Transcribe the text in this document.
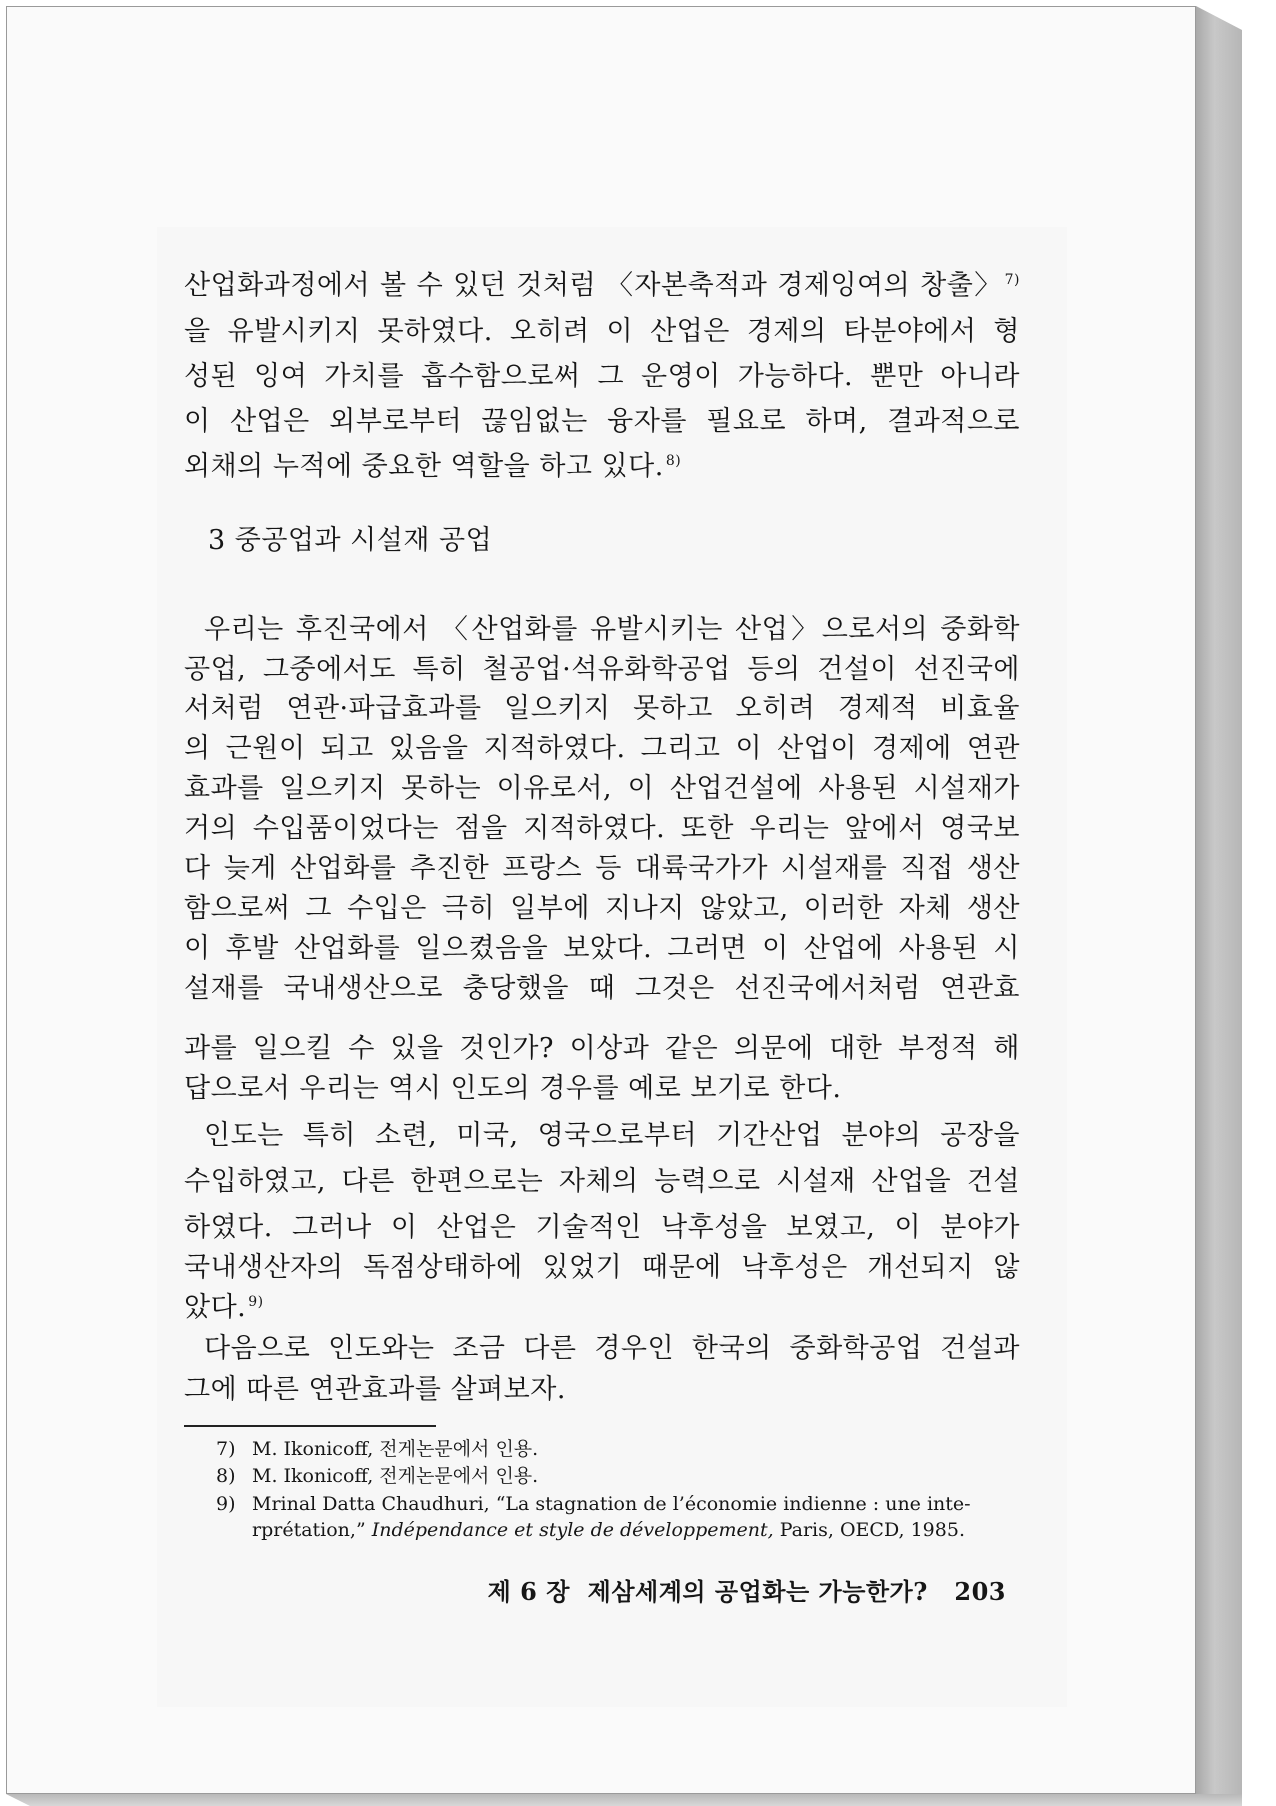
산업화과정에서 볼 수 있던 것처럼 〈자본축적과 경제잉여의 창출〉 $^{7)}$
을 유발시키지 못하였다. 오히려 이 산업은 경제의 타분야에서 형
성된 잉여 가치를 흡수함으로써 그 운영이 가능하다. 뿐만 아니라
이 산업은 외부로부터 끊임없는 융자를 필요로 하며, 결과적으로
외채의 누적에 중요한 역할을 하고 있다. $^{8)}$
3 중공업과 시설재 공업
우리는 후진국에서 〈산업화를 유발시키는 산업〉으로서의 중화학
공업, 그중에서도 특히 철공업·석유화학공업 등의 건설이 선진국에
서처럼 연관·파급효과를 일으키지 못하고 오히려 경제적 비효율
의 근원이 되고 있음을 지적하였다. 그리고 이 산업이 경제에 연관
효과를 일으키지 못하는 이유로서, 이 산업건설에 사용된 시설재가
거의 수입품이었다는 점을 지적하였다. 또한 우리는 앞에서 영국보
다 늦게 산업화를 추진한 프랑스 등 대륙국가가 시설재를 직접 생산
함으로써 그 수입은 극히 일부에 지나지 않았고, 이러한 자체 생산
이 후발 산업화를 일으켰음을 보았다. 그러면 이 산업에 사용된 시
설재를 국내생산으로 충당했을 때 그것은 선진국에서처럼 연관효
과를 일으킬 수 있을 것인가? 이상과 같은 의문에 대한 부정적 해
답으로서 우리는 역시 인도의 경우를 예로 보기로 한다.
인도는 특히 소련, 미국, 영국으로부터 기간산업 분야의 공장을
수입하였고, 다른 한편으로는 자체의 능력으로 시설재 산업을 건설
하였다. 그러나 이 산업은 기술적인 낙후성을 보였고, 이 분야가
국내생산자의 독점상태하에 있었기 때문에 낙후성은 개선되지 않
았다. $^{9)}$
다음으로 인도와는 조금 다른 경우인 한국의 중화학공업 건설과
그에 따른 연관효과를 살펴보자.
7) M. Ikonicoff, 전게논문에서 인용.
8) M. Ikonicoff, 전게논문에서 인용.
9) Mrinal Datta Chaudhuri, “La stagnation de l’économie indienne : une inte-
rprétation,” Indépendance et style de développement, Paris, OECD, 1985.
제 6 장 제삼세계의 공업화는 가능한가? 203
